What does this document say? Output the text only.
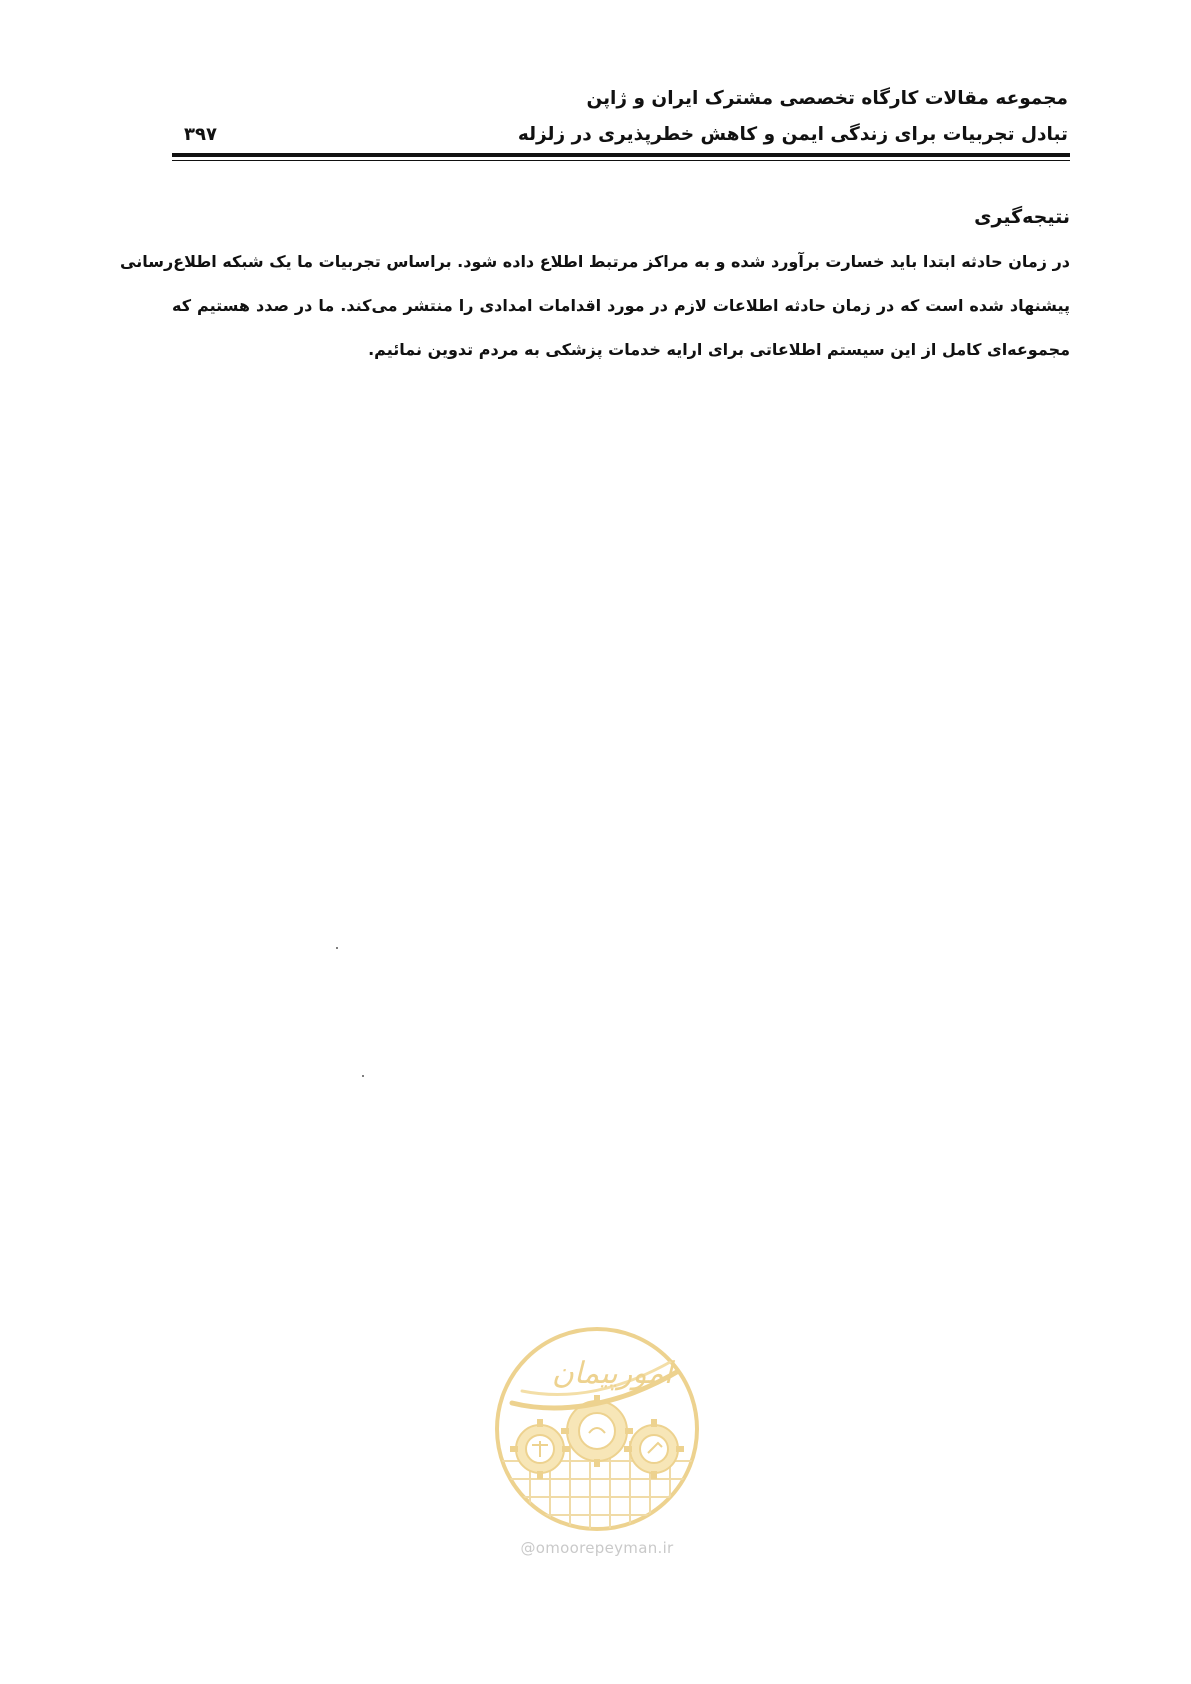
مجموعه مقالات کارگاه تخصصی مشترک ایران و ژاپن
تبادل تجربیات برای زندگی ایمن و کاهش خطرپذیری در زلزله
۳۹۷
نتیجه‌گیری
در زمان حادثه ابتدا باید خسارت برآورد شده و به مراکز مرتبط اطلاع داده شود. براساس تجربیات ما یک شبکه اطلاع‌رسانی
پیشنهاد شده است که در زمان حادثه اطلاعات لازم در مورد اقدامات امدادی را منتشر می‌کند. ما در صدد هستیم که
مجموعه‌ای کامل از این سیستم اطلاعاتی برای ارایه خدمات پزشکی به مردم تدوین نمائیم.
امورپیمان
@omoorepeyman.ir
